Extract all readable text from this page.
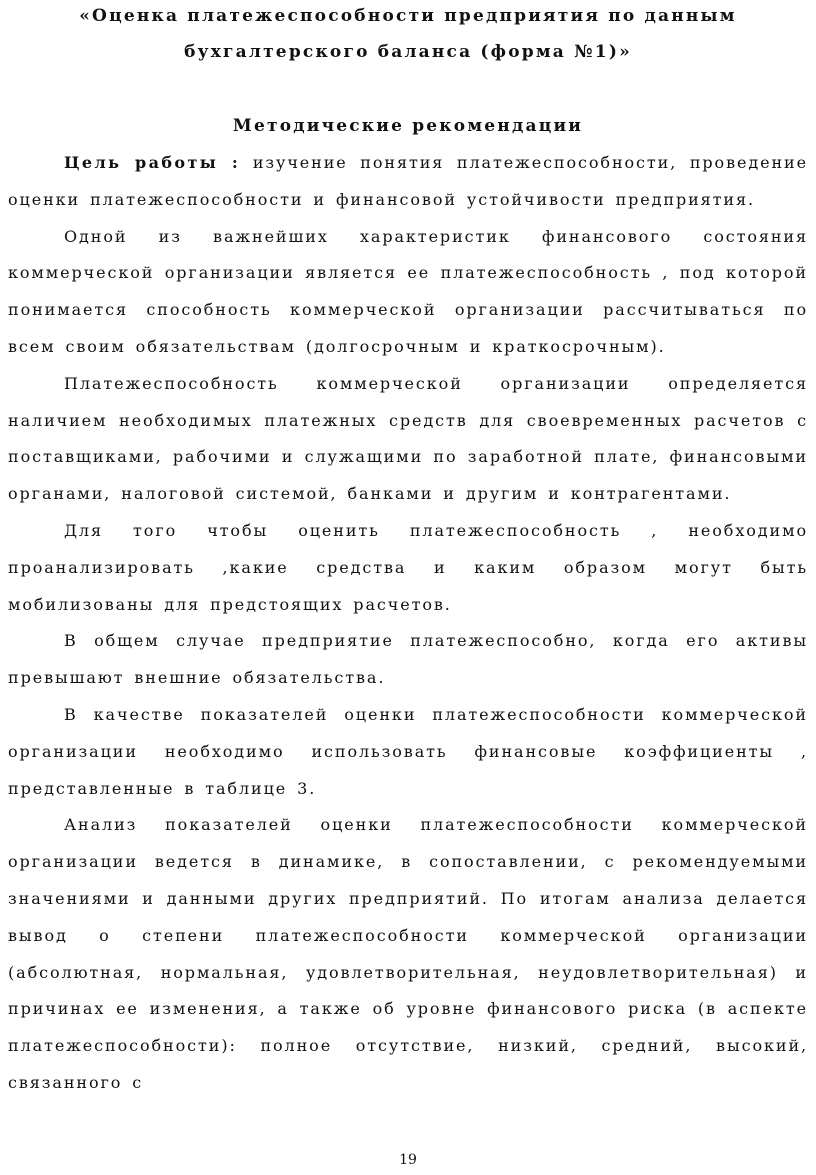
«Оценка платежеспособности предприятия по данным
бухгалтерского баланса (форма №1)»
Методические рекомендации

Цель работы : изучение понятия платежеспособности, проведение оценки платежеспособности и финансовой устойчивости предприятия.

Одной из важнейших характеристик финансового состояния коммерческой организации является ее платежеспособность , под которой понимается способность коммерческой организации рассчитываться по всем своим обязательствам (долгосрочным и краткосрочным).

Платежеспособность коммерческой организации определяется наличием необходимых платежных средств для своевременных расчетов с поставщиками, рабочими и служащими по заработной плате, финансовыми органами, налоговой системой, банками и другим и контрагентами.

Для того чтобы оценить платежеспособность , необходимо проанализировать ,какие средства и каким образом могут быть мобилизованы для предстоящих расчетов.

В общем случае предприятие платежеспособно, когда его активы превышают внешние обязательства.

В качестве показателей оценки платежеспособности коммерческой организации необходимо использовать финансовые коэффициенты , представленные в таблице 3.

Анализ показателей оценки платежеспособности коммерческой организации ведется в динамике, в сопоставлении, с рекомендуемыми значениями и данными других предприятий. По итогам анализа делается вывод о степени платежеспособности коммерческой организации (абсолютная, нормальная, удовлетворительная, неудовлетворительная) и причинах ее изменения, а также об уровне финансового риска (в аспекте платежеспособности): полное отсутствие, низкий, средний, высокий, связанного с

19
